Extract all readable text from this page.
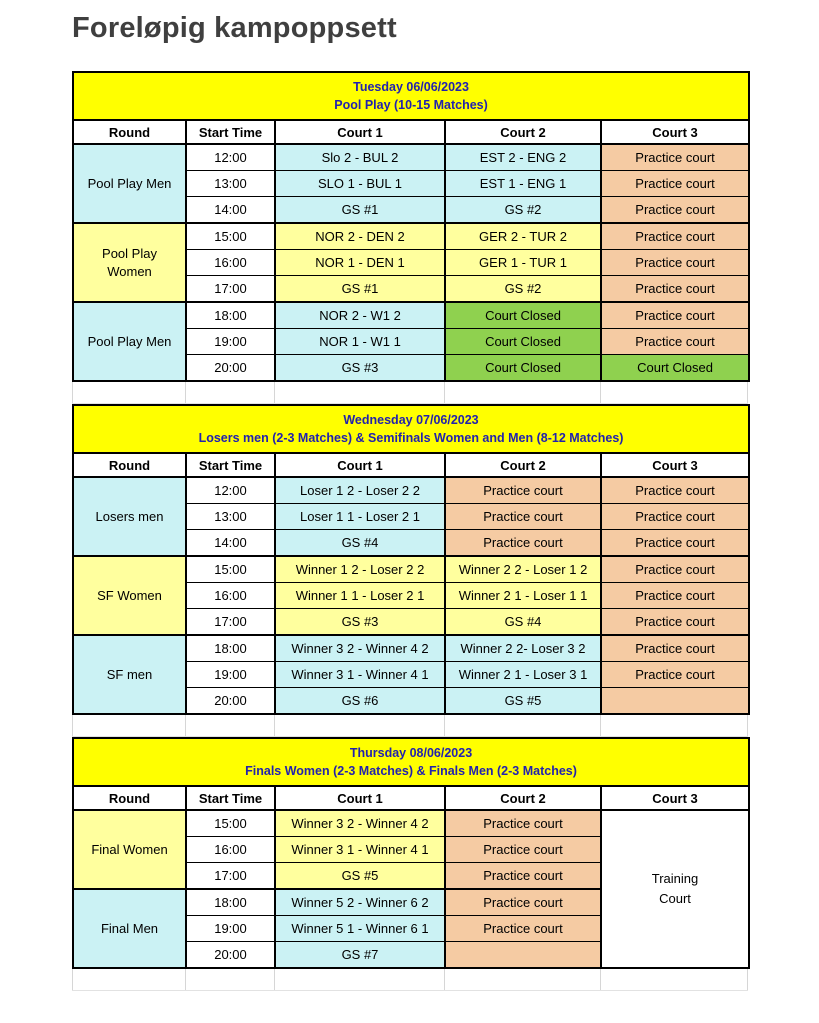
Foreløpig kampoppsett
Tuesday 06/06/2023
Pool Play (10-15 Matches)				

Round	Start Time	Court 1	Court 2	Court 3
Pool Play Men	12:00	Slo 2 - BUL 2	EST 2 - ENG 2	Practice court
	13:00	SLO 1 - BUL 1	EST 1 - ENG 1	Practice court
	14:00	GS #1	GS #2	Practice court
Pool Play Women	15:00	NOR 2 - DEN 2	GER 2 - TUR 2	Practice court
	16:00	NOR 1 - DEN 1	GER 1 - TUR 1	Practice court
	17:00	GS #1	GS #2	Practice court
Pool Play Men	18:00	NOR 2 - W1 2	Court Closed	Practice court
	19:00	NOR 1 - W1 1	Court Closed	Practice court
	20:00	GS #3	Court Closed	Court Closed
Wednesday 07/06/2023
Losers men (2-3 Matches) & Semifinals Women and Men (8-12 Matches)				

Round	Start Time	Court 1	Court 2	Court 3
Losers men	12:00	Loser 1 2 - Loser 2 2	Practice court	Practice court
	13:00	Loser 1 1 - Loser 2 1	Practice court	Practice court
	14:00	GS #4	Practice court	Practice court
SF Women	15:00	Winner 1 2 - Loser 2 2	Winner 2 2 - Loser 1 2	Practice court
	16:00	Winner 1 1 - Loser 2 1	Winner 2 1 - Loser 1 1	Practice court
	17:00	GS #3	GS #4	Practice court
SF men	18:00	Winner 3 2 - Winner 4 2	Winner 2 2- Loser 3 2	Practice court
	19:00	Winner 3 1 - Winner 4 1	Winner 2 1 - Loser 3 1	Practice court
	20:00	GS #6	GS #5	
Thursday 08/06/2023
Finals Women (2-3 Matches) & Finals Men (2-3 Matches)				

Round	Start Time	Court 1	Court 2	Court 3
Final Women	15:00	Winner 3 2 - Winner 4 2	Practice court	Training Court
	16:00	Winner 3 1 - Winner 4 1	Practice court	
	17:00	GS #5	Practice court	
Final Men	18:00	Winner 5 2 - Winner 6 2	Practice court	
	19:00	Winner 5 1 - Winner 6 1	Practice court	
	20:00	GS #7		
